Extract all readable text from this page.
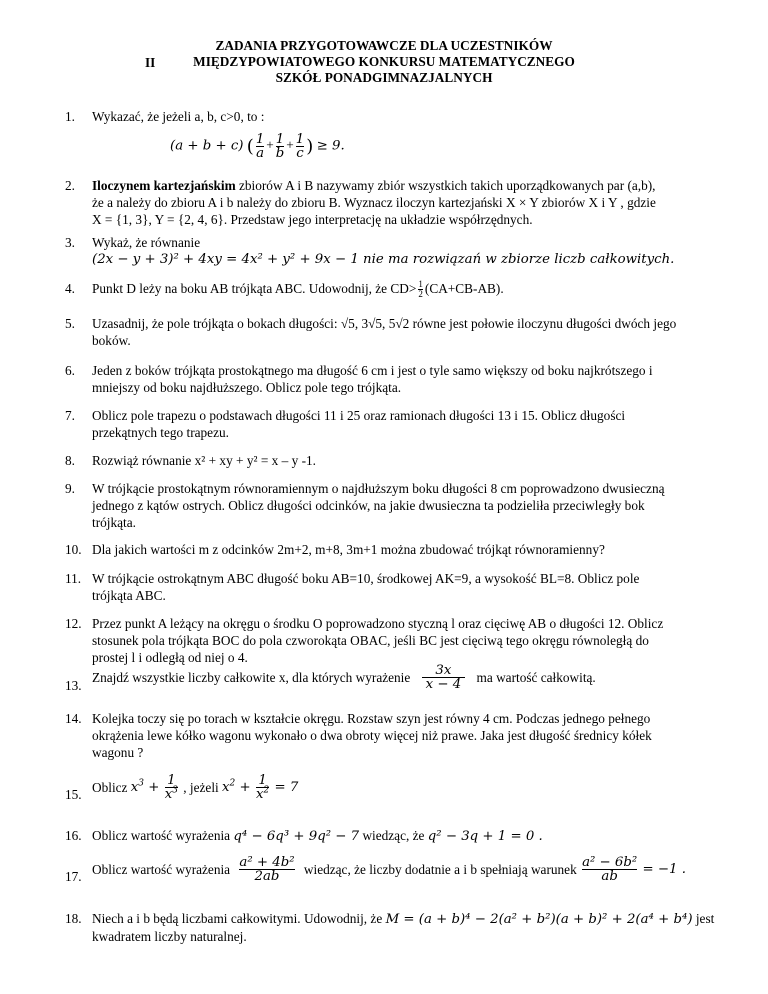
ZADANIA PRZYGOTOWAWCZE DLA UCZESTNIKÓW
II	MIĘDZYPOWIATOWEGO KONKURSU MATEMATYCZNEGO
SZKÓŁ PONADGIMNAZJALNYCH
1.	Wykazać, że jeżeli a, b, c>0, to :
(a + b + c) ( $\frac{1}{a} + \frac{1}{b} + \frac{1}{c}$ ) ≥ 9.
2.	Iloczynem kartezjańskim zbiorów A i B nazywamy zbiór wszystkich takich uporządkowanych par (a,b),
że a należy do zbioru A i b należy do zbioru B. Wyznacz iloczyn kartezjański X × Y zbiorów X i Y , gdzie
X = {1, 3}, Y = {2, 4, 6}. Przedstaw jego interpretację na układzie współrzędnych.
3.	Wykaż, że równanie
(2x − y + 3)² + 4xy = 4x² + y² + 9x − 1 nie ma rozwiązań w zbiorze liczb całkowitych.
4.	Punkt D leży na boku AB trójkąta ABC. Udowodnij, że $CD> \frac{1}{2} (CA+CB-AB)$.
5.	Uzasadnij, że pole trójkąta o bokach długości: √5, 3√5, 5√2 równe jest połowie iloczynu długości dwóch jego
boków.
6.	Jeden z boków trójkąta prostokątnego ma długość 6 cm i jest o tyle samo większy od boku najkrótszego i
mniejszy od boku najdłuższego. Oblicz pole tego trójkąta.
7.	Oblicz pole trapezu o podstawach długości 11 i 25 oraz ramionach długości 13 i 15. Oblicz długości
przekątnych tego trapezu.
8.	Rozwiąż równanie x² + xy + y² = x – y -1.
9.	W trójkącie prostokątnym równoramiennym o najdłuższym boku długości 8 cm poprowadzono dwusieczną
jednego z kątów ostrych. Oblicz długości odcinków, na jakie dwusieczna ta podzieliła przeciwległy bok
trójkąta.
10. Dla jakich wartości m z odcinków 2m+2, m+8, 3m+1 można zbudować trójkąt równoramienny?
11. W trójkącie ostrokątnym ABC długość boku AB=10, środkowej AK=9, a wysokość BL=8. Oblicz pole
trójkąta ABC.
12. Przez punkt A leżący na okręgu o środku O poprowadzono styczną l oraz cięciwę AB o długości 12. Oblicz
stosunek pola trójkąta BOC do pola czworokąta OBAC, jeśli BC jest cięciwą tego okręgu równoległą do
prostej l i odległą od niej o 4.
13.
Znajdź wszystkie liczby całkowite x, dla których wyrażenie $\frac{3x}{x - 4}$ ma wartość całkowitą.
14. Kolejka toczy się po torach w kształcie okręgu. Rozstaw szyn jest równy 4 cm. Podczas jednego pełnego
okrążenia lewe kółko wagonu wykonało o dwa obroty więcej niż prawe. Jaka jest długość średnicy kółek
wagonu ?
15. Oblicz $x^3 + \frac{1}{x^3}$ , jeżeli $x^2 + \frac{1}{x^2} = 7$
16. Oblicz wartość wyrażenia q⁴ − 6q³ + 9q² − 7 wiedząc, że q² − 3q + 1 = 0 .
17. Oblicz wartość wyrażenia $\frac{\text{a² + 4b²}}{2ab}$ wiedząc, że liczby dodatnie a i b spełniają warunek $\frac{\text{a² − 6b²}}{ab} = -1$ .
18. Niech a i b będą liczbami całkowitymi. Udowodnij, że M = (a + b)⁴ − 2(a² + b²)(a + b)² + 2(a⁴ + b⁴) jest
kwadratem liczby naturalnej.
